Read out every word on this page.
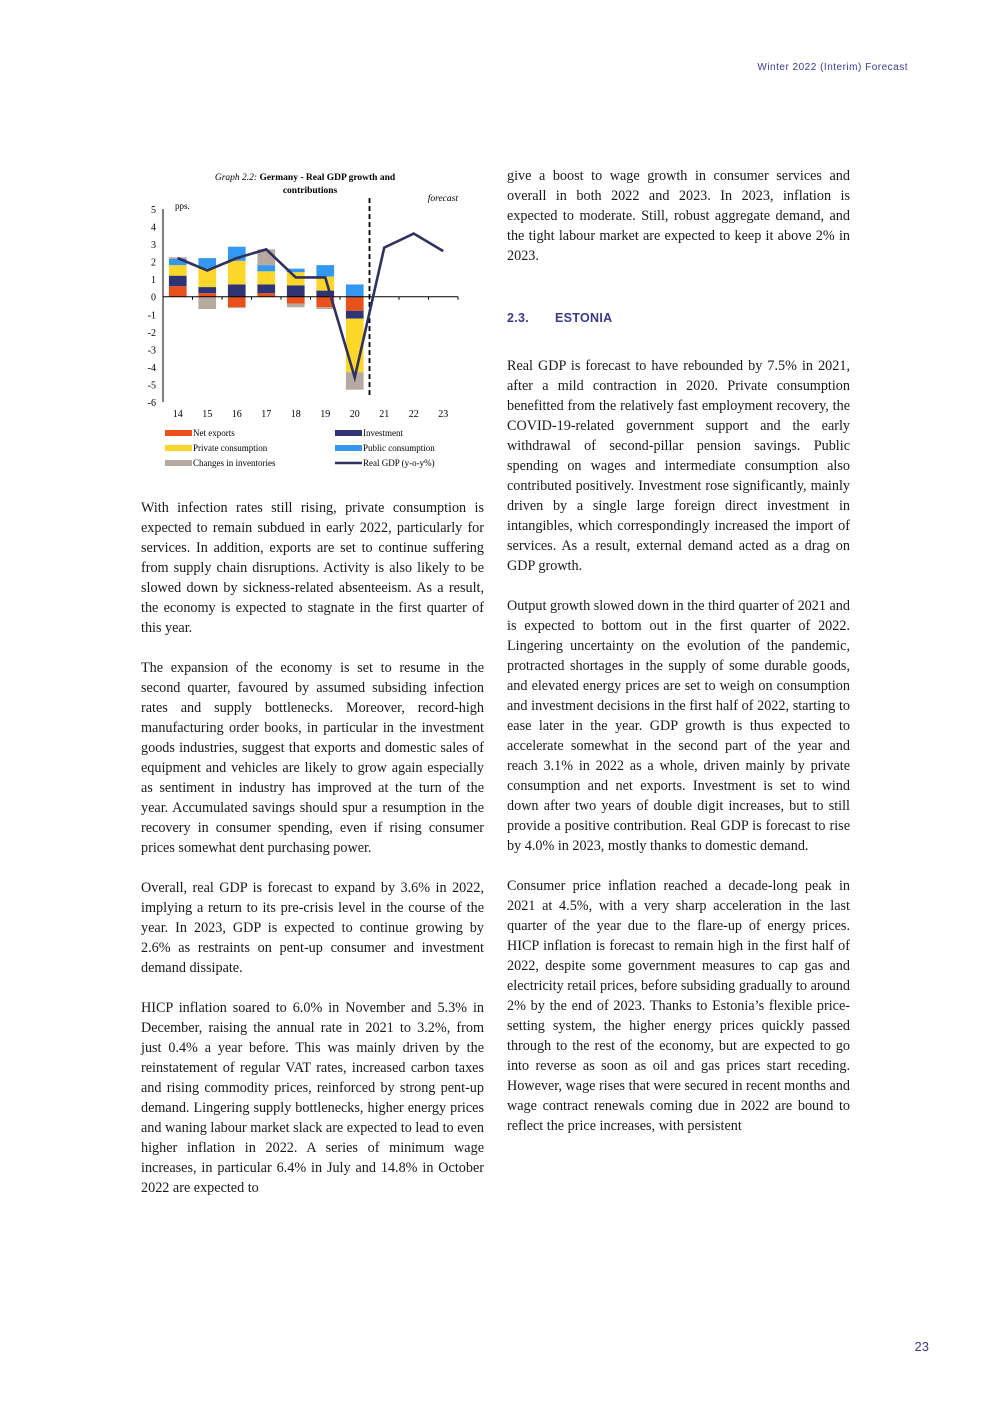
Winter 2022 (Interim) Forecast
Graph 2.2: Germany - Real GDP growth and
contributions
pps.
forecast
5
4
3
2
1
0
-1
-2
-3
-4
-5
-6
14 15 16 17 18 19 20 21 22 23
Net exports	Investment
Private consumption	Public consumption
Changes in inventories	Real GDP (y-o-y%)

With infection rates still rising, private consumption is expected to remain subdued in early 2022, particularly for services. In addition, exports are set to continue suffering from supply chain disruptions. Activity is also likely to be slowed down by sickness-related absenteeism. As a result, the economy is expected to stagnate in the first quarter of this year.

The expansion of the economy is set to resume in the second quarter, favoured by assumed subsiding infection rates and supply bottlenecks. Moreover, record-high manufacturing order books, in particular in the investment goods industries, suggest that exports and domestic sales of equipment and vehicles are likely to grow again especially as sentiment in industry has improved at the turn of the year. Accumulated savings should spur a resumption in the recovery in consumer spending, even if rising consumer prices somewhat dent purchasing power.

Overall, real GDP is forecast to expand by 3.6% in 2022, implying a return to its pre-crisis level in the course of the year. In 2023, GDP is expected to continue growing by 2.6% as restraints on pent-up consumer and investment demand dissipate.

HICP inflation soared to 6.0% in November and 5.3% in December, raising the annual rate in 2021 to 3.2%, from just 0.4% a year before. This was mainly driven by the reinstatement of regular VAT rates, increased carbon taxes and rising commodity prices, reinforced by strong pent-up demand. Lingering supply bottlenecks, higher energy prices and waning labour market slack are expected to lead to even higher inflation in 2022. A series of minimum wage increases, in particular 6.4% in July and 14.8% in October 2022 are expected to

give a boost to wage growth in consumer services and overall in both 2022 and 2023. In 2023, inflation is expected to moderate. Still, robust aggregate demand, and the tight labour market are expected to keep it above 2% in 2023.

2.3. ESTONIA

Real GDP is forecast to have rebounded by 7.5% in 2021, after a mild contraction in 2020. Private consumption benefitted from the relatively fast employment recovery, the COVID-19-related government support and the early withdrawal of second-pillar pension savings. Public spending on wages and intermediate consumption also contributed positively. Investment rose significantly, mainly driven by a single large foreign direct investment in intangibles, which correspondingly increased the import of services. As a result, external demand acted as a drag on GDP growth.

Output growth slowed down in the third quarter of 2021 and is expected to bottom out in the first quarter of 2022. Lingering uncertainty on the evolution of the pandemic, protracted shortages in the supply of some durable goods, and elevated energy prices are set to weigh on consumption and investment decisions in the first half of 2022, starting to ease later in the year. GDP growth is thus expected to accelerate somewhat in the second part of the year and reach 3.1% in 2022 as a whole, driven mainly by private consumption and net exports. Investment is set to wind down after two years of double digit increases, but to still provide a positive contribution. Real GDP is forecast to rise by 4.0% in 2023, mostly thanks to domestic demand.

Consumer price inflation reached a decade-long peak in 2021 at 4.5%, with a very sharp acceleration in the last quarter of the year due to the flare-up of energy prices. HICP inflation is forecast to remain high in the first half of 2022, despite some government measures to cap gas and electricity retail prices, before subsiding gradually to around 2% by the end of 2023. Thanks to Estonia’s flexible price-setting system, the higher energy prices quickly passed through to the rest of the economy, but are expected to go into reverse as soon as oil and gas prices start receding. However, wage rises that were secured in recent months and wage contract renewals coming due in 2022 are bound to reflect the price increases, with persistent

23
